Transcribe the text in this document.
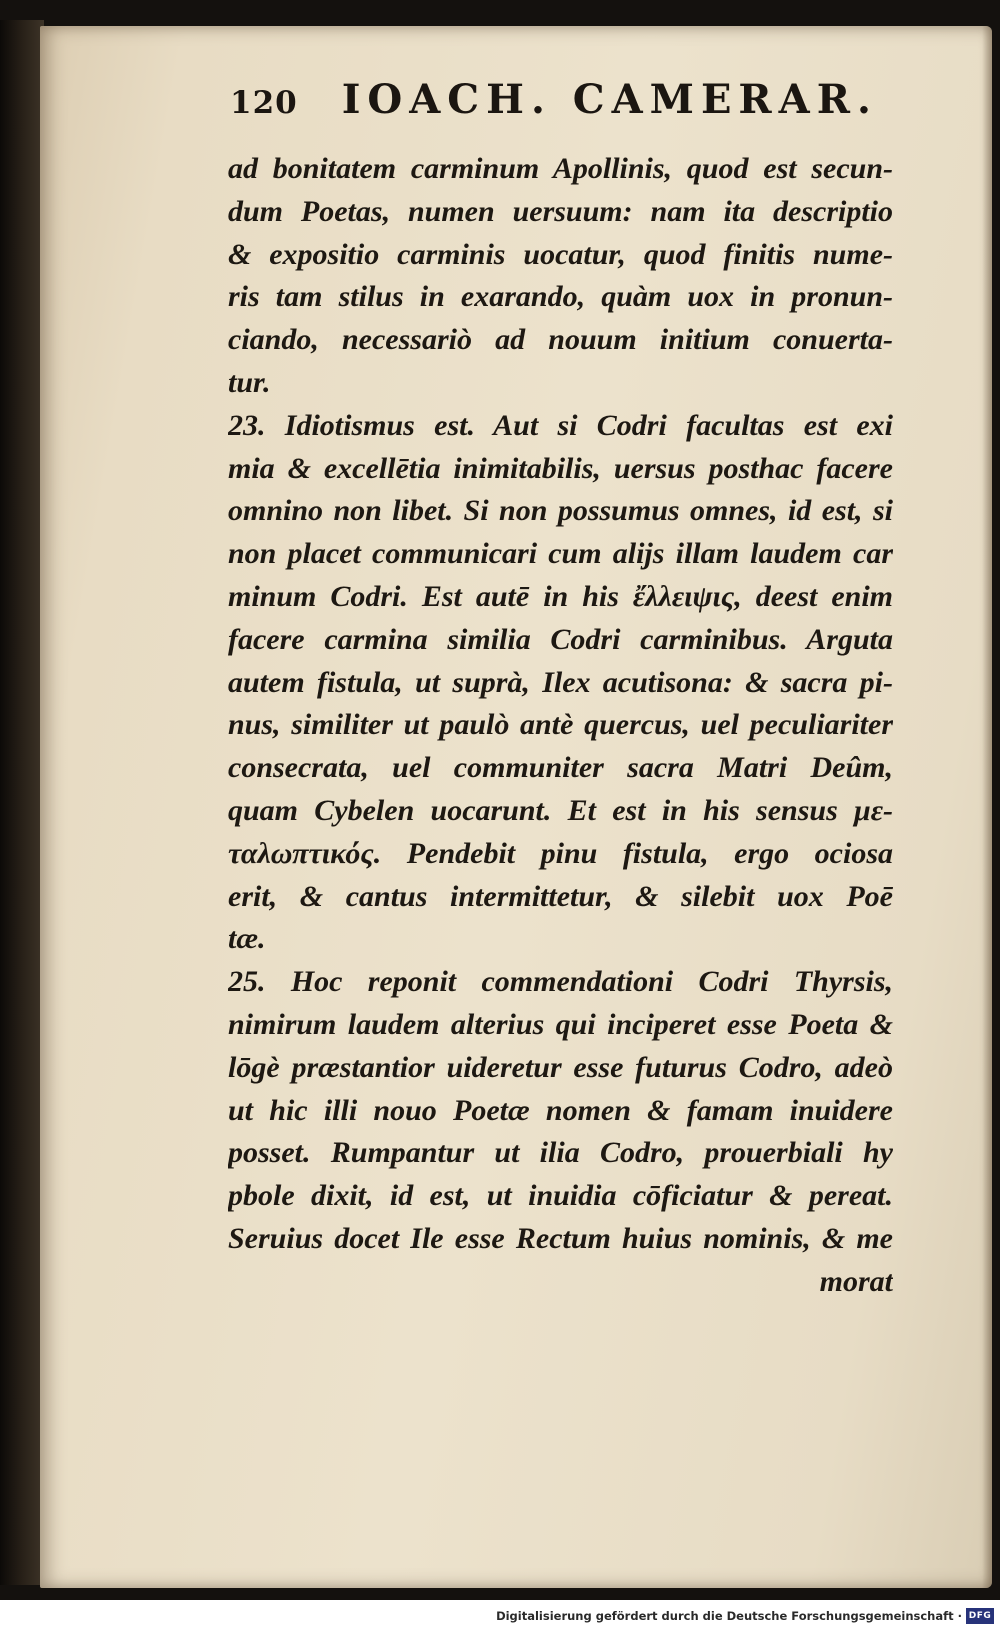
120 IOACH. CAMERAR.
ad bonitatem carminum Apollinis, quod est secun-
dum Poetas, numen uersuum: nam ita descriptio
& expositio carminis uocatur, quod finitis nume-
ris tam stilus in exarando, quàm uox in pronun-
ciando, necessariò ad nouum initium conuerta-
tur.
23. Idiotismus est. Aut si Codri facultas est exi
mia & excellētia inimitabilis, uersus posthac facere
omnino non libet. Si non possumus omnes, id est, si
non placet communicari cum alijs illam laudem car
minum Codri. Est autē in his ἔλλειψις, deest enim
facere carmina similia Codri carminibus. Arguta
autem fistula, ut suprà, Ilex acutisona: & sacra pi-
nus, similiter ut paulò antè quercus, uel peculiariter
consecrata, uel communiter sacra Matri Deûm,
quam Cybelen uocarunt. Et est in his sensus με-
ταλωπτικός. Pendebit pinu fistula, ergo ociosa
erit, & cantus intermittetur, & silebit uox Poē
tæ.
25. Hoc reponit commendationi Codri Thyrsis,
nimirum laudem alterius qui inciperet esse Poeta &
lōgè præstantior uideretur esse futurus Codro, adeò
ut hic illi nouo Poetæ nomen & famam inuidere
posset. Rumpantur ut ilia Codro, prouerbiali hy
pbole dixit, id est, ut inuidia cōficiatur & pereat.
Seruius docet Ile esse Rectum huius nominis, & me
morat
Digitalisierung gefördert durch die Deutsche Forschungsgemeinschaft · DFG
